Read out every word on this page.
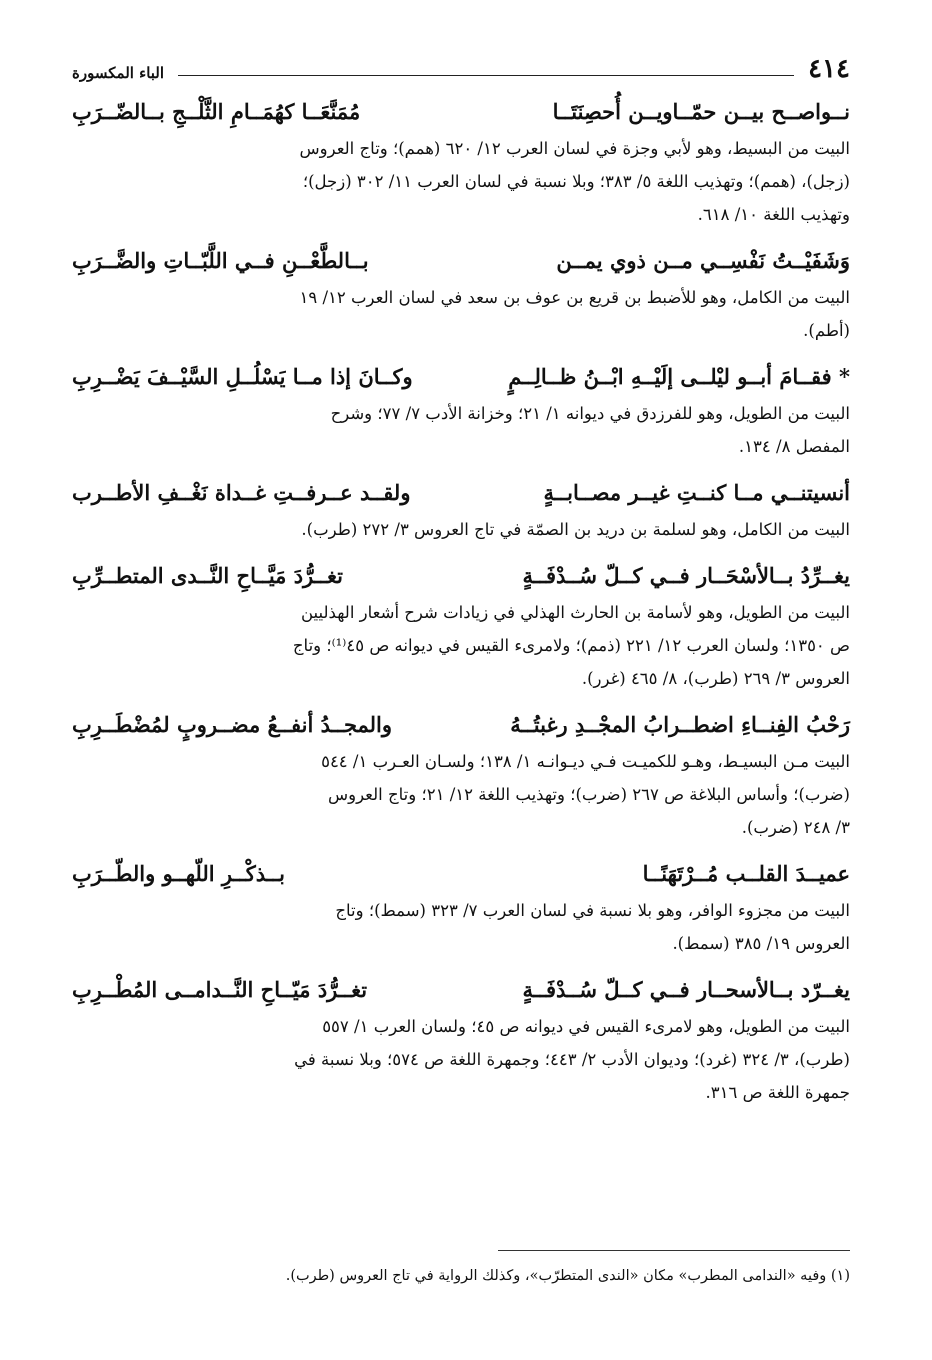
٤١٤
الباء المكسورة
نــواصــح بيــن حمّــاويــن أُحصِنَتَــا
مُمَنَّعَــا كهُمَــامِ الثَّلْــجِ بــالضّــرَبِ
البيت من البسيط، وهو لأبي وجزة في لسان العرب ١٢/ ٦٢٠ (همم)؛ وتاج العروس
(زجل)، (همم)؛ وتهذيب اللغة ٥/ ٣٨٣؛ وبلا نسبة في لسان العرب ١١/ ٣٠٢ (زجل)؛
وتهذيب اللغة ١٠/ ٦١٨.
وَشَفَيْــتُ نَفْسِــي مــن ذوي يمــن
بــالطَّعْــنِ فــي اللَّبّــاتِ والضَّــرَبِ
البيت من الكامل، وهو للأضبط بن قريع بن عوف بن سعد في لسان العرب ١٢/ ١٩
(أطم).
* فقــامَ أبــو ليْلــى إلَيْــهِ ابْــنُ ظــالِــمٍ
وكــانَ إذا مــا يَسْلُــلِ السَّيْــفَ يَضْــرِبِ
البيت من الطويل، وهو للفرزدق في ديوانه ١/ ٢١؛ وخزانة الأدب ٧/ ٧٧؛ وشرح
المفصل ٨/ ١٣٤.
أنسيتنــي مــا كنــتِ غيــر مصــابــةٍ
ولقــد عــرفــتِ غــداة نَغْــفِ الأطــرب
البيت من الكامل، وهو لسلمة بن دريد بن الصمّة في تاج العروس ٣/ ٢٧٢ (طرب).
يغــرِّدُ بــالأسْحَــار فــي كــلّ سُــدْفَــةٍ
تغــرُّدَ مَيَّــاحِ النَّــدى المتطــرِّبِ
البيت من الطويل، وهو لأسامة بن الحارث الهذلي في زيادات شرح أشعار الهذليين
ص ١٣٥٠؛ ولسان العرب ١٢/ ٢٢١ (ذمم)؛ ولامرىء القيس في ديوانه ص ٤٥⁽¹⁾؛ وتاج
العروس ٣/ ٢٦٩ (طرب)، ٨/ ٤٦٥ (غرر).
رَحْبُ الفِنــاءِ اضطــرابُ المجْــدِ رغبتُــهُ
والمجــدُ أنفــعُ مضــروبٍ لمُضْطَــرِبِ
البيت مـن البسيـط، وهـو للكميـت فـي ديـوانـه ١/ ١٣٨؛ ولسـان العـرب ١/ ٥٤٤
(ضرب)؛ وأساس البلاغة ص ٢٦٧ (ضرب)؛ وتهذيب اللغة ١٢/ ٢١؛ وتاج العروس
٣/ ٢٤٨ (ضرب).
عميــدَ القلــب مُــرْتَهَنًــا
بــذكْــرِ اللّهــو والطّــرَبِ
البيت من مجزوء الوافر، وهو بلا نسبة في لسان العرب ٧/ ٣٢٣ (سمط)؛ وتاج
العروس ١٩/ ٣٨٥ (سمط).
يغــرّد بــالأسحــار فــي كــلّ سُــدْفَــةٍ
تغــرُّدَ مَيّــاحِ النَّــدامــى المُطْــرِبِ
البيت من الطويل، وهو لامرىء القيس في ديوانه ص ٤٥؛ ولسان العرب ١/ ٥٥٧
(طرب)، ٣/ ٣٢٤ (غرد)؛ وديوان الأدب ٢/ ٤٤٣؛ وجمهرة اللغة ص ٥٧٤؛ وبلا نسبة في
جمهرة اللغة ص ٣١٦.
(١) وفيه «الندامى المطرب» مكان «الندى المتطرّب»، وكذلك الرواية في تاج العروس (طرب).
